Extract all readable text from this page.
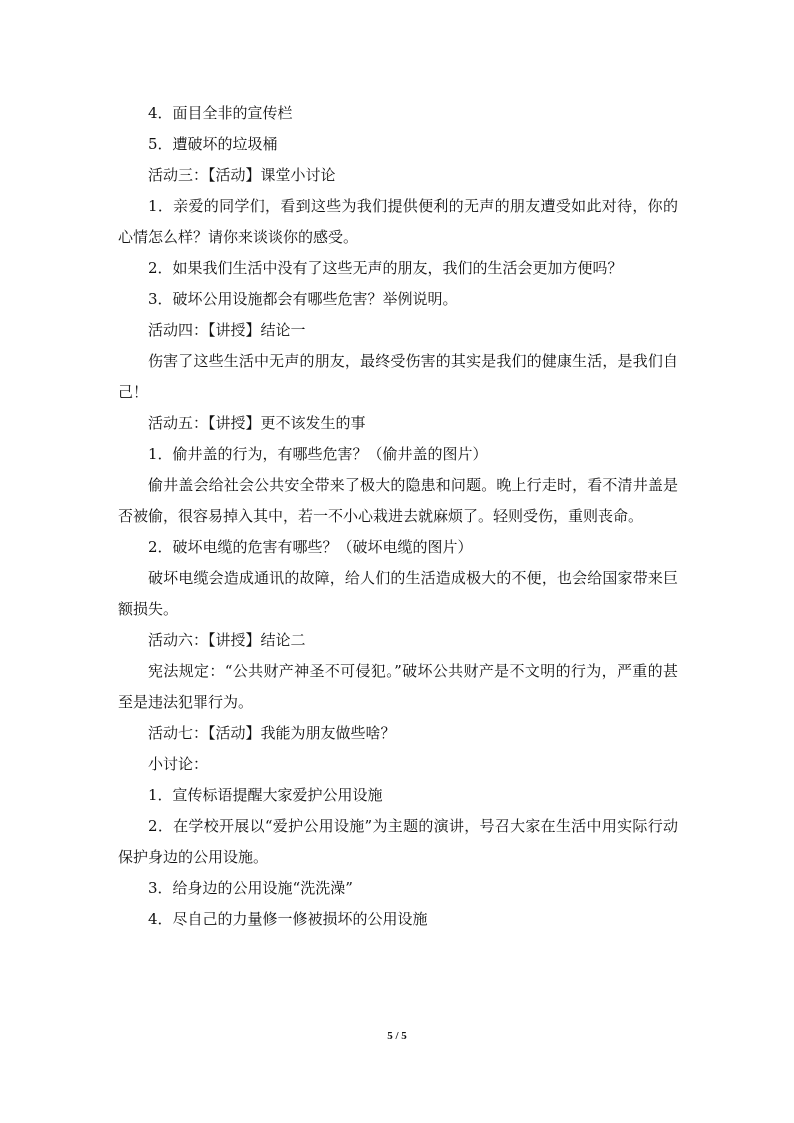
4．面目全非的宣传栏

5．遭破坏的垃圾桶

活动三：【活动】课堂小讨论

1．亲爱的同学们，看到这些为我们提供便利的无声的朋友遭受如此对待，你的心情怎么样？请你来谈谈你的感受。

2．如果我们生活中没有了这些无声的朋友，我们的生活会更加方便吗？

3．破坏公用设施都会有哪些危害？举例说明。

活动四：【讲授】结论一

伤害了这些生活中无声的朋友，最终受伤害的其实是我们的健康生活，是我们自己！

活动五：【讲授】更不该发生的事

1．偷井盖的行为，有哪些危害？（偷井盖的图片）

偷井盖会给社会公共安全带来了极大的隐患和问题。晚上行走时，看不清井盖是否被偷，很容易掉入其中，若一不小心栽进去就麻烦了。轻则受伤，重则丧命。

2．破坏电缆的危害有哪些？（破坏电缆的图片）

破坏电缆会造成通讯的故障，给人们的生活造成极大的不便，也会给国家带来巨额损失。

活动六：【讲授】结论二

宪法规定：“公共财产神圣不可侵犯。”破坏公共财产是不文明的行为，严重的甚至是违法犯罪行为。

活动七：【活动】我能为朋友做些啥？

小讨论：

1．宣传标语提醒大家爱护公用设施

2．在学校开展以“爱护公用设施”为主题的演讲，号召大家在生活中用实际行动保护身边的公用设施。

3．给身边的公用设施“洗洗澡”

4．尽自己的力量修一修被损坏的公用设施

5 / 5
